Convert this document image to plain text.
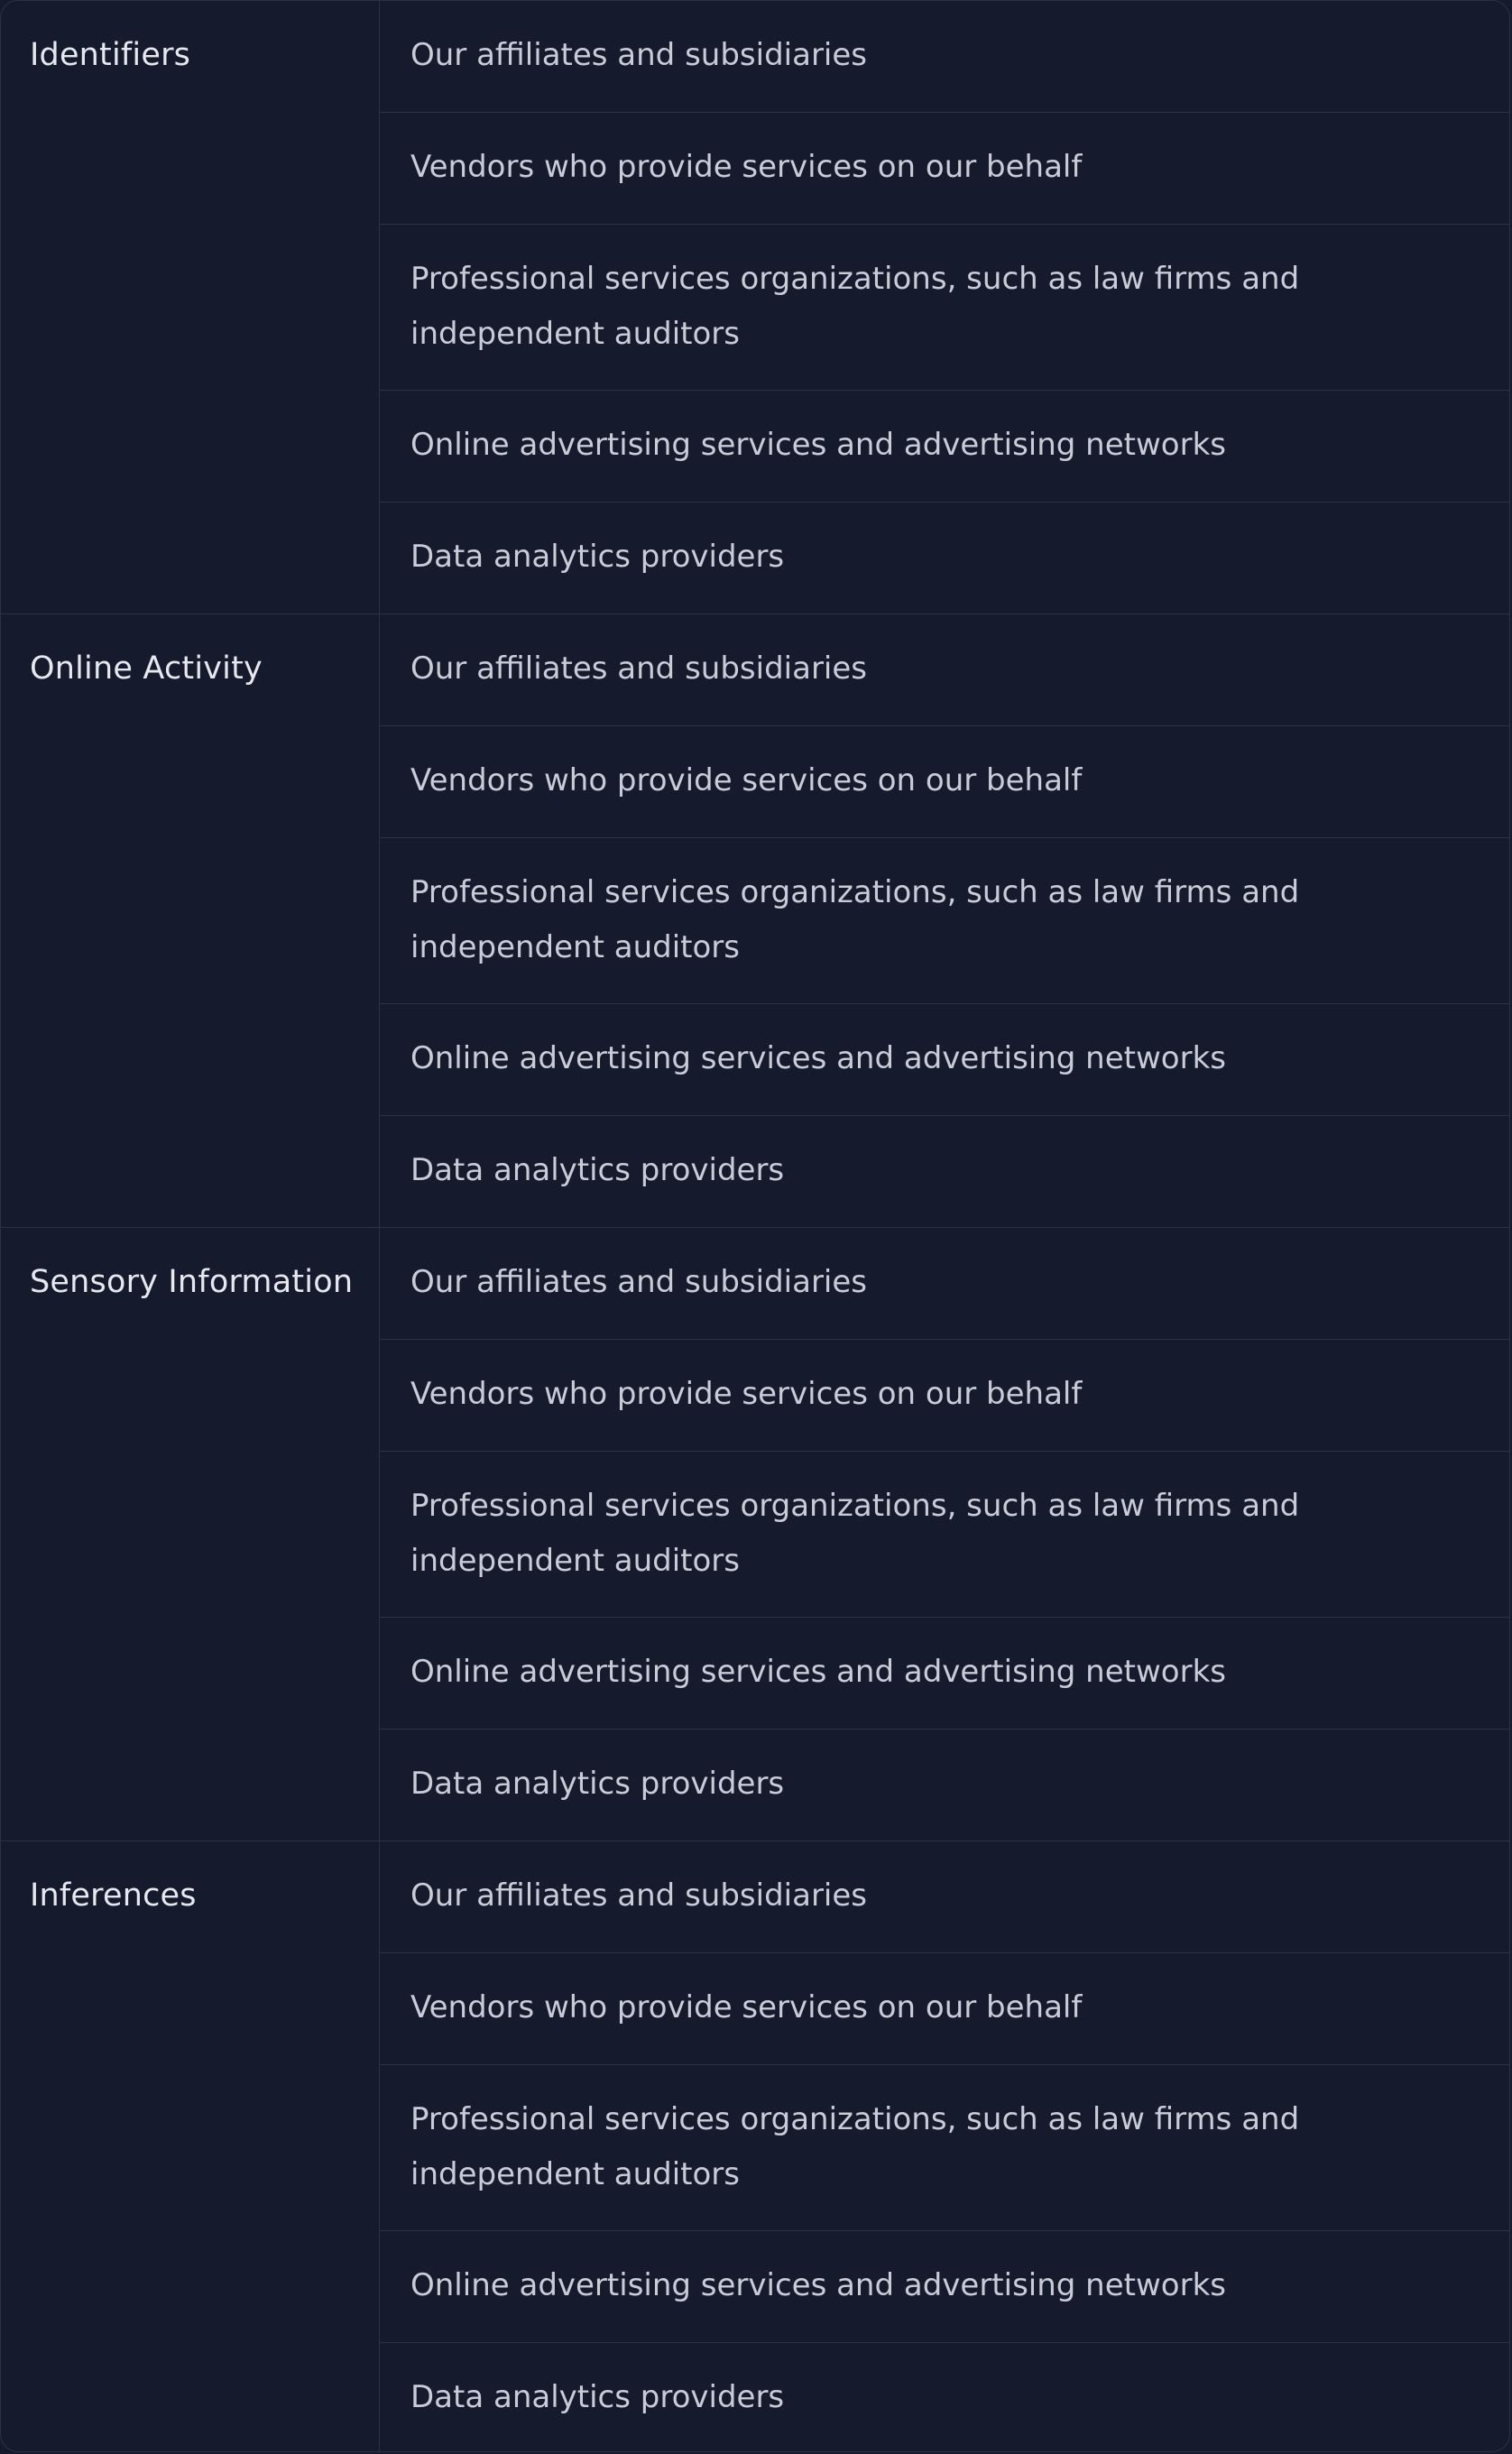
Identifiers	Our affiliates and subsidiaries
Vendors who provide services on our behalf
Professional services organizations, such as law firms and independent auditors
Online advertising services and advertising networks
Data analytics providers
Online Activity	Our affiliates and subsidiaries
Vendors who provide services on our behalf
Professional services organizations, such as law firms and independent auditors
Online advertising services and advertising networks
Data analytics providers
Sensory Information Our affiliates and subsidiaries
Vendors who provide services on our behalf
Professional services organizations, such as law firms and independent auditors
Online advertising services and advertising networks
Data analytics providers
Inferences	Our affiliates and subsidiaries
Vendors who provide services on our behalf
Professional services organizations, such as law firms and independent auditors
Online advertising services and advertising networks
Data analytics providers
